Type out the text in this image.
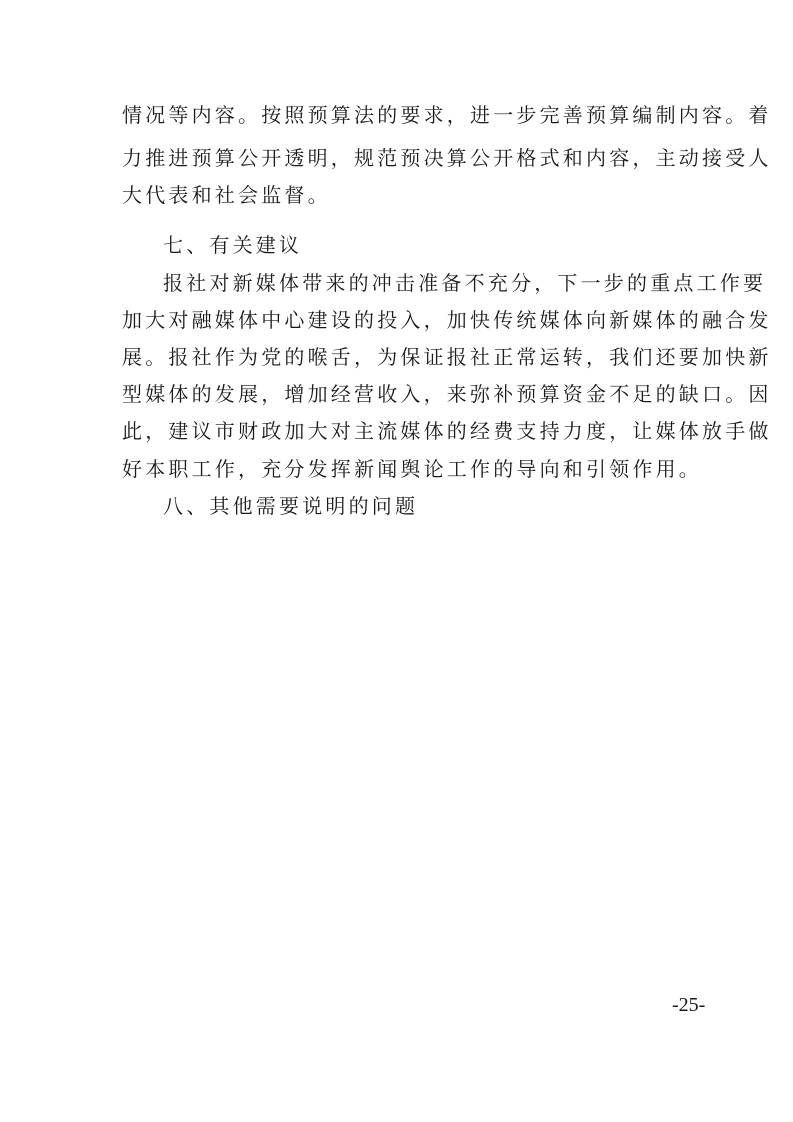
情况等内容。按照预算法的要求，进一步完善预算编制内容。着
力推进预算公开透明，规范预决算公开格式和内容，主动接受人
大代表和社会监督。
七、有关建议
报社对新媒体带来的冲击准备不充分，下一步的重点工作要
加大对融媒体中心建设的投入，加快传统媒体向新媒体的融合发
展。报社作为党的喉舌，为保证报社正常运转，我们还要加快新
型媒体的发展，增加经营收入，来弥补预算资金不足的缺口。因
此，建议市财政加大对主流媒体的经费支持力度，让媒体放手做
好本职工作，充分发挥新闻舆论工作的导向和引领作用。
八、其他需要说明的问题
-25-
